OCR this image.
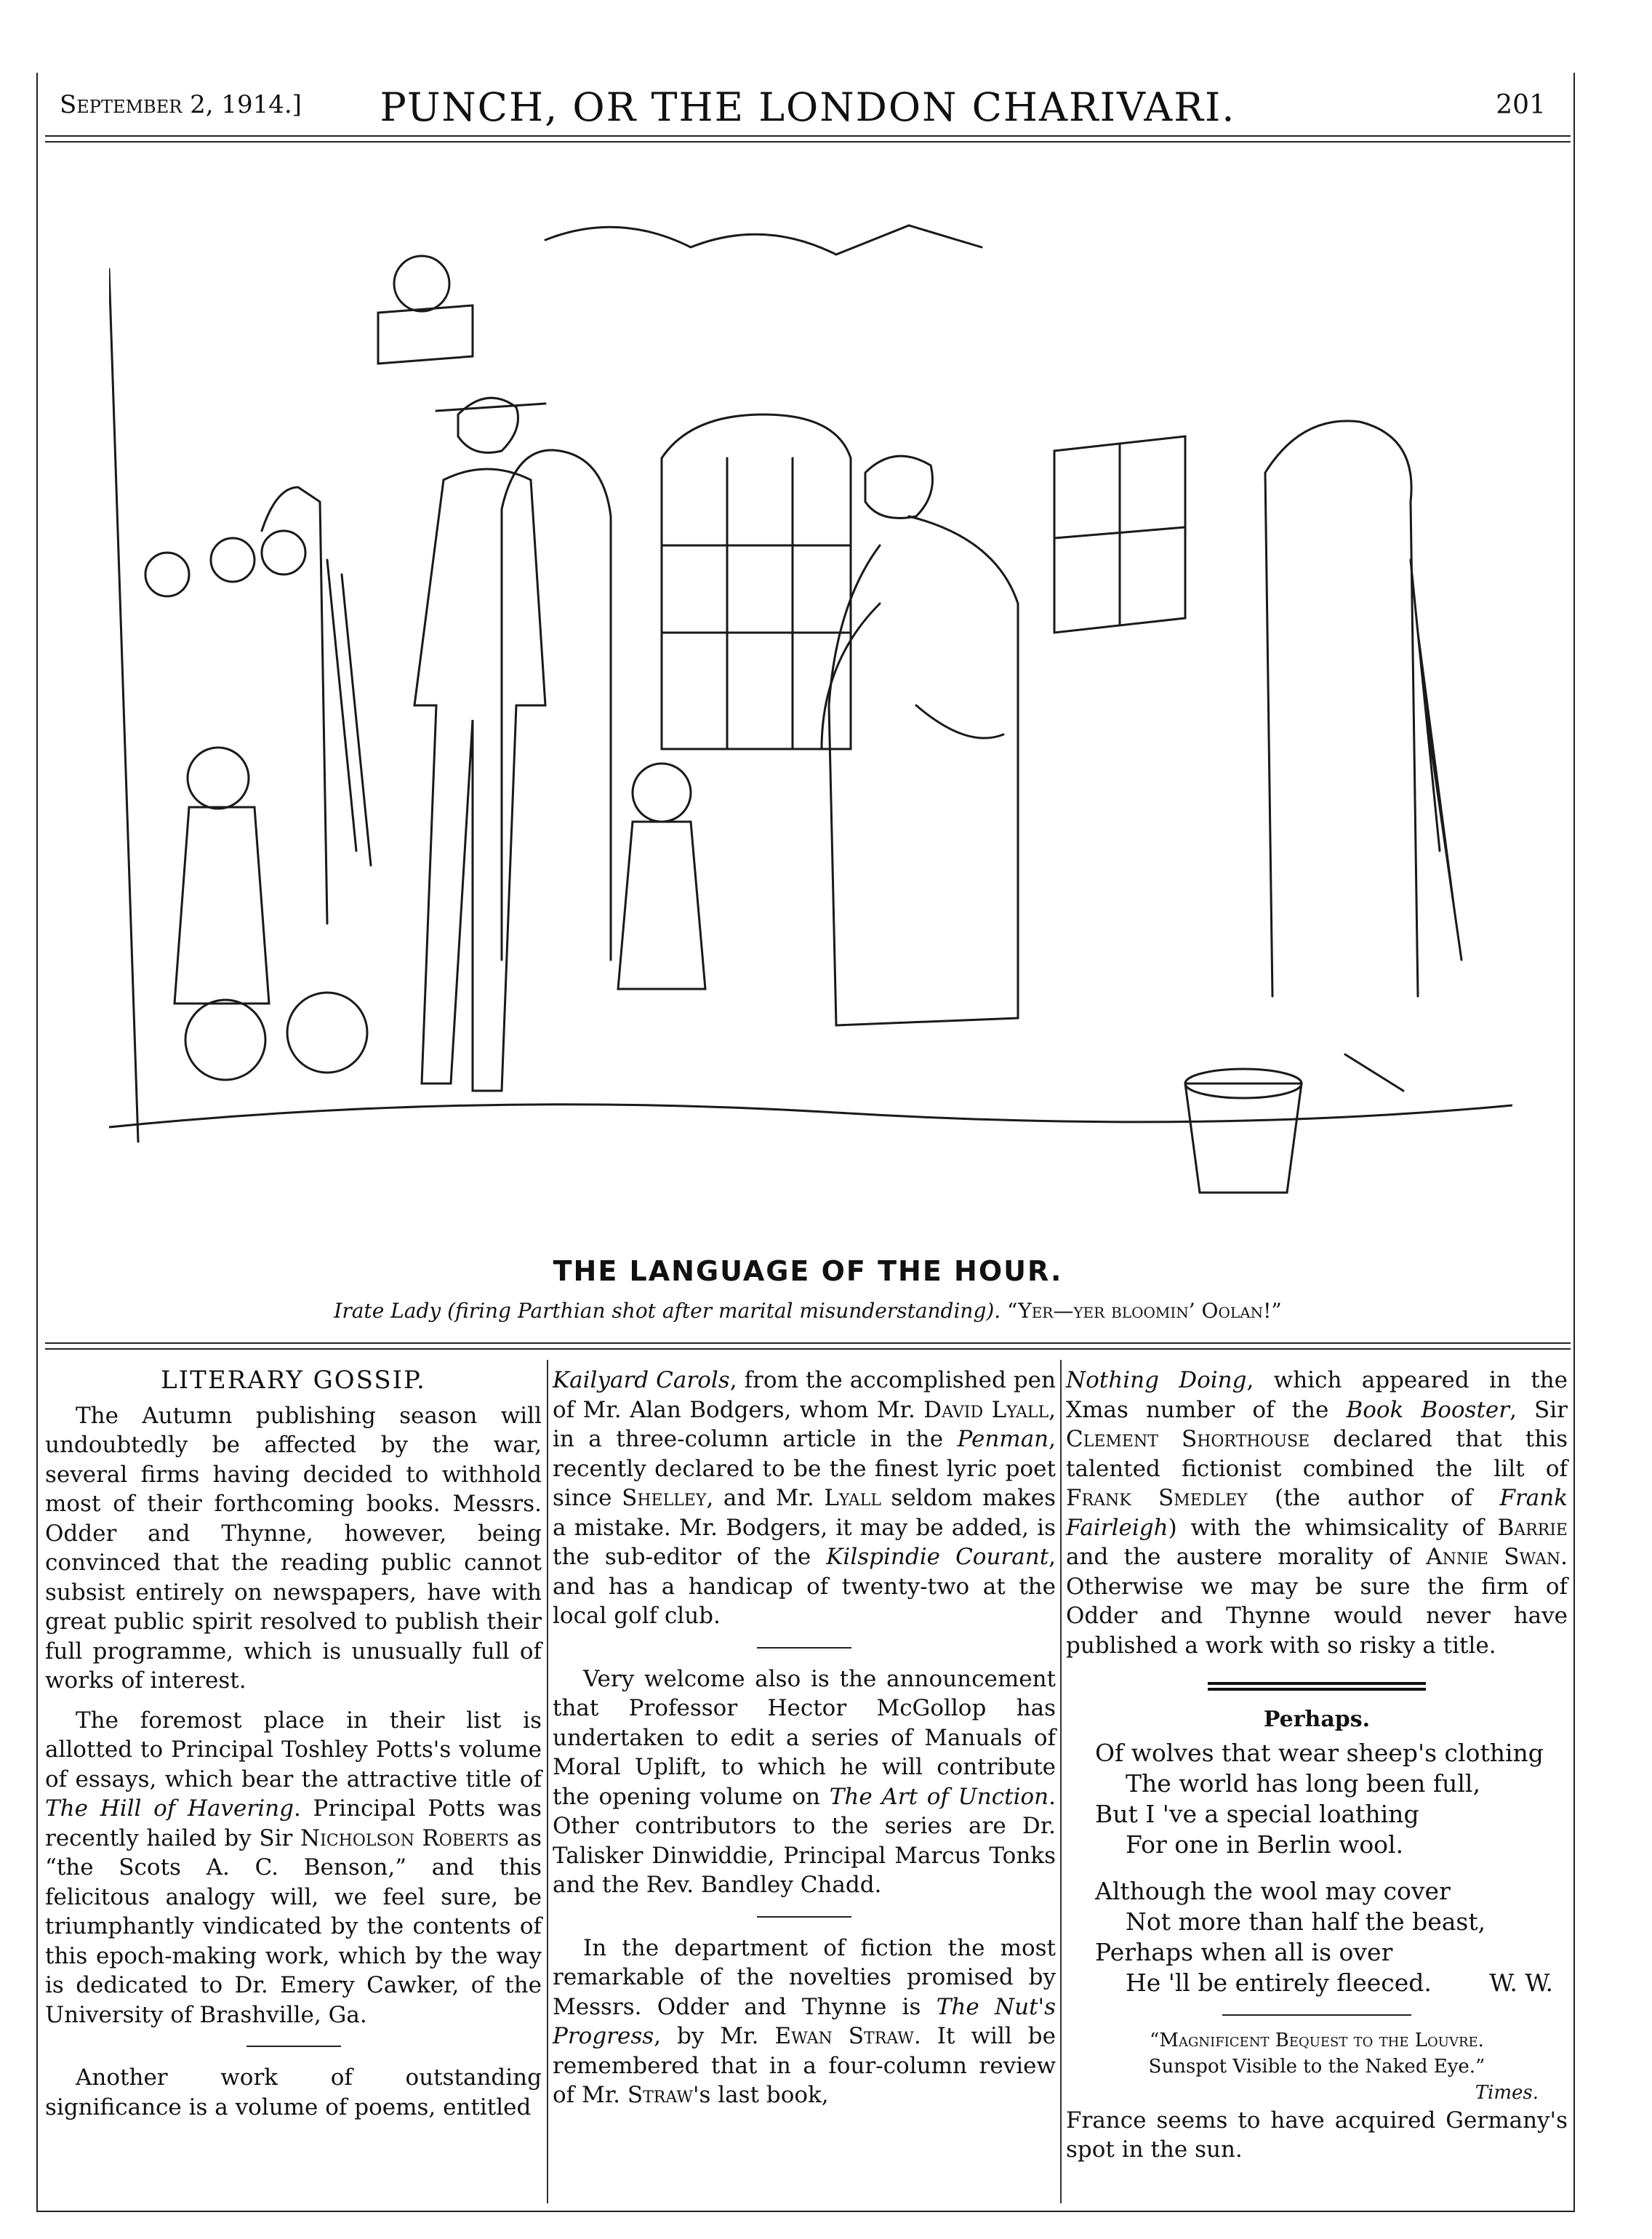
September 2, 1914.]	PUNCH, OR THE LONDON CHARIVARI.	201
THE LANGUAGE OF THE HOUR.
Irate Lady (firing Parthian shot after marital misunderstanding). “Yer—yer bloomin’ Oolan!”
LITERARY GOSSIP.

The Autumn publishing season will undoubtedly be affected by the war, several firms having decided to withhold most of their forthcoming books. Messrs. Odder and Thynne, however, being convinced that the reading public cannot subsist entirely on newspapers, have with great public spirit resolved to publish their full programme, which is unusually full of works of interest.

The foremost place in their list is allotted to Principal Toshley Potts's volume of essays, which bear the attractive title of The Hill of Havering. Principal Potts was recently hailed by Sir Nicholson Roberts as “the Scots A. C. Benson,” and this felicitous analogy will, we feel sure, be triumphantly vindicated by the contents of this epoch-making work, which by the way is dedicated to Dr. Emery Cawker, of the University of Brashville, Ga.

Another work of outstanding significance is a volume of poems, entitled

Kailyard Carols, from the accomplished pen of Mr. Alan Bodgers, whom Mr. David Lyall, in a three-column article in the Penman, recently declared to be the finest lyric poet since Shelley, and Mr. Lyall seldom makes a mistake. Mr. Bodgers, it may be added, is the sub-editor of the Kilspindie Courant, and has a handicap of twenty-two at the local golf club.

Very welcome also is the announcement that Professor Hector McGollop has undertaken to edit a series of Manuals of Moral Uplift, to which he will contribute the opening volume on The Art of Unction. Other contributors to the series are Dr. Talisker Dinwiddie, Principal Marcus Tonks and the Rev. Bandley Chadd.

In the department of fiction the most remarkable of the novelties promised by Messrs. Odder and Thynne is The Nut's Progress, by Mr. Ewan Straw. It will be remembered that in a four-column review of Mr. Straw's last book,

Nothing Doing, which appeared in the Xmas number of the Book Booster, Sir Clement Shorthouse declared that this talented fictionist combined the lilt of Frank Smedley (the author of Frank Fairleigh) with the whimsicality of Barrie and the austere morality of Annie Swan. Otherwise we may be sure the firm of Odder and Thynne would never have published a work with so risky a title.

Perhaps.
Of wolves that wear sheep's clothing
The world has long been full,
But I 've a special loathing
For one in Berlin wool.
Although the wool may cover
Not more than half the beast,
Perhaps when all is over
He 'll be entirely fleeced. W. W.
“Magnificent Bequest to the Louvre.
Sunspot Visible to the Naked Eye.”
Times.

France seems to have acquired Germany's spot in the sun.
